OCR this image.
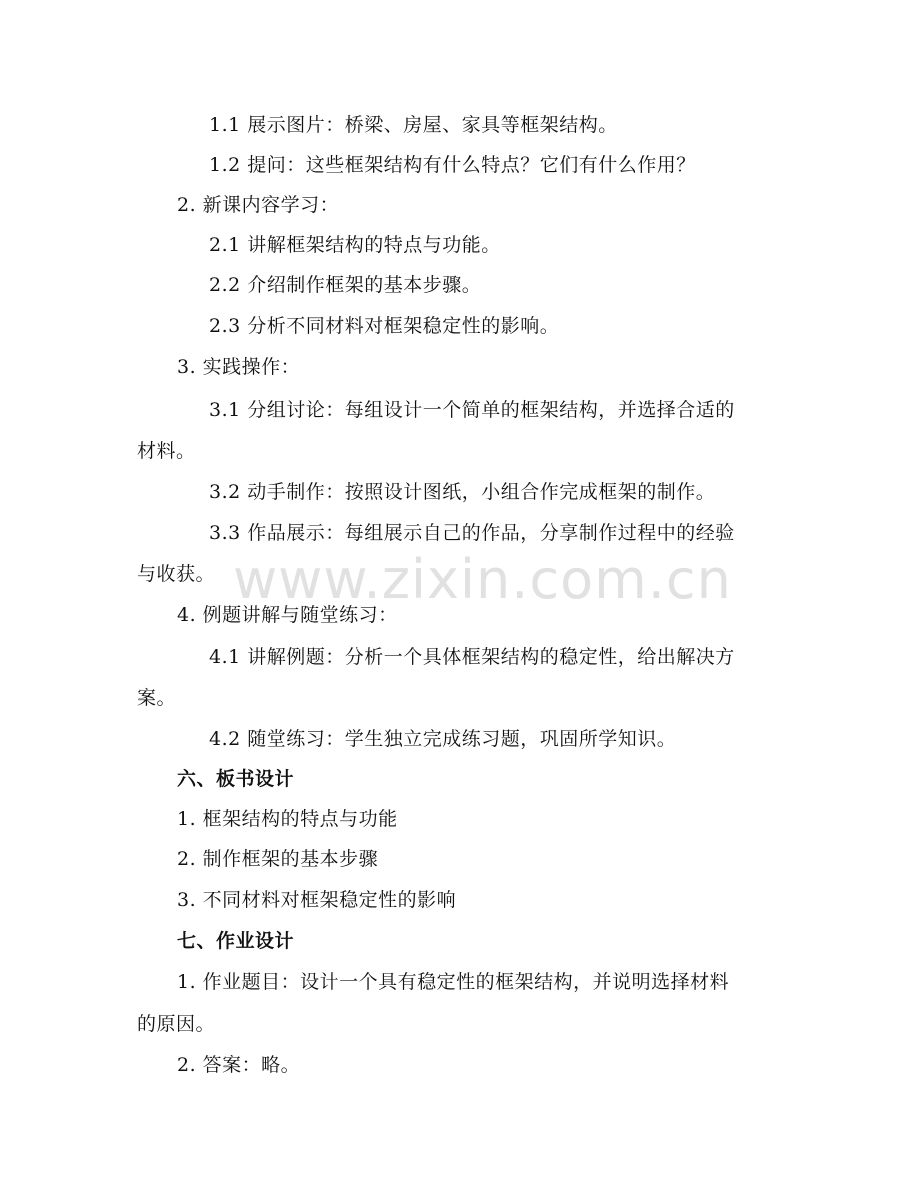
1.1 展示图片：桥梁、房屋、家具等框架结构。
1.2 提问：这些框架结构有什么特点？它们有什么作用？
2. 新课内容学习：
2.1 讲解框架结构的特点与功能。
2.2 介绍制作框架的基本步骤。
2.3 分析不同材料对框架稳定性的影响。
3. 实践操作：
3.1 分组讨论：每组设计一个简单的框架结构，并选择合适的
材料。
3.2 动手制作：按照设计图纸，小组合作完成框架的制作。
3.3 作品展示：每组展示自己的作品，分享制作过程中的经验
与收获。
4. 例题讲解与随堂练习：
4.1 讲解例题：分析一个具体框架结构的稳定性，给出解决方
案。
4.2 随堂练习：学生独立完成练习题，巩固所学知识。
六、板书设计
1. 框架结构的特点与功能
2. 制作框架的基本步骤
3. 不同材料对框架稳定性的影响
七、作业设计
1. 作业题目：设计一个具有稳定性的框架结构，并说明选择材料
的原因。
2. 答案：略。
www.zixin.com.cn
